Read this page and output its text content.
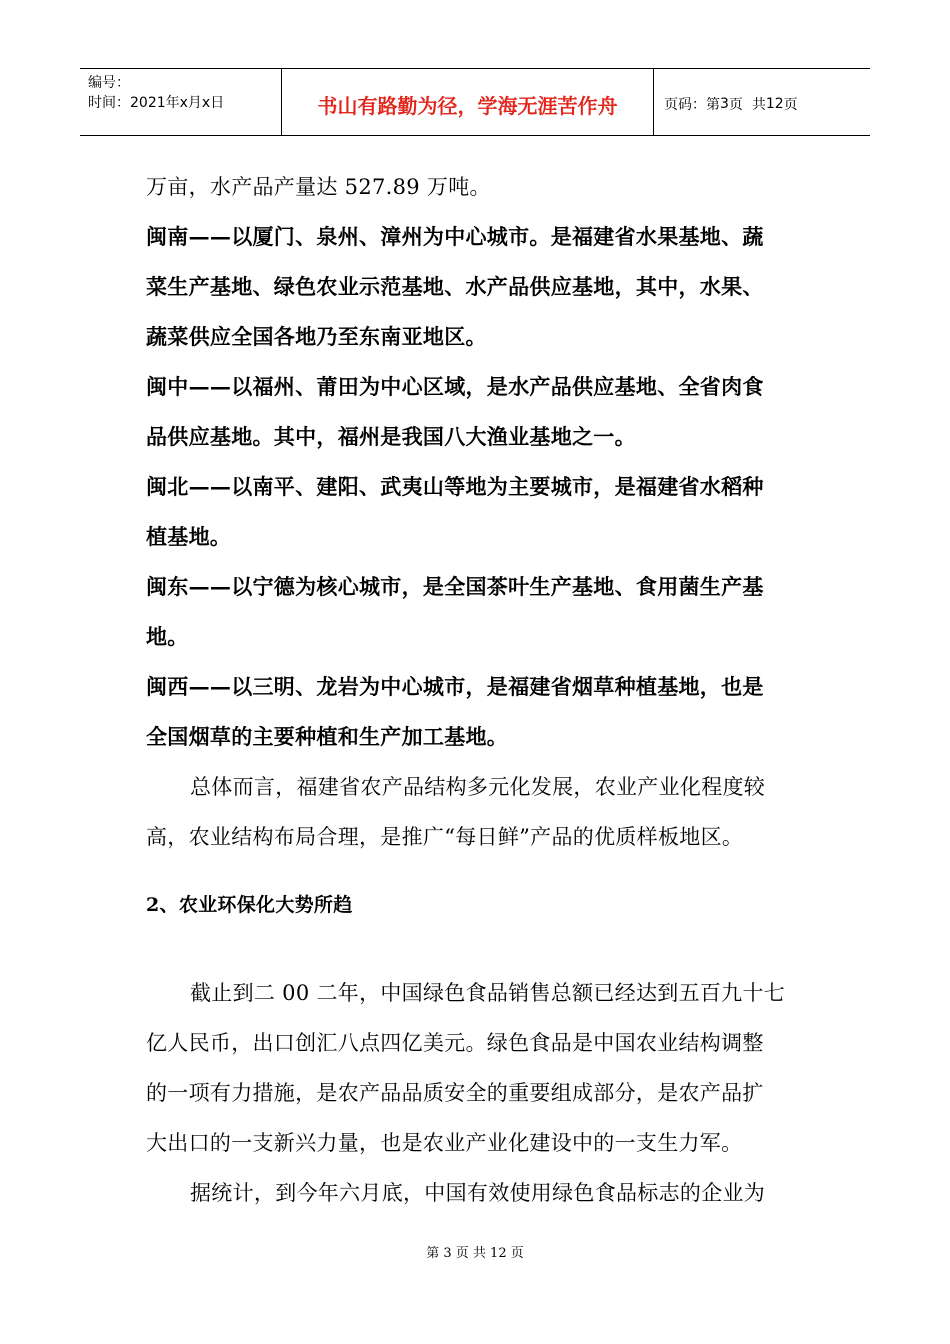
编号：
时间：2021年x月x日	书山有路勤为径，学海无涯苦作舟	页码：第 3 页  共 12 页
万亩，水产品产量达 527.89 万吨。
闽南——以厦门、泉州、漳州为中心城市。是福建省水果基地、蔬
菜生产基地、绿色农业示范基地、水产品供应基地，其中，水果、
蔬菜供应全国各地乃至东南亚地区。
闽中——以福州、莆田为中心区域，是水产品供应基地、全省肉食
品供应基地。其中，福州是我国八大渔业基地之一。
闽北——以南平、建阳、武夷山等地为主要城市，是福建省水稻种
植基地。
闽东——以宁德为核心城市，是全国茶叶生产基地、食用菌生产基
地。
闽西——以三明、龙岩为中心城市，是福建省烟草种植基地，也是
全国烟草的主要种植和生产加工基地。
总体而言，福建省农产品结构多元化发展，农业产业化程度较
高，农业结构布局合理，是推广“每日鲜”产品的优质样板地区。
2、农业环保化大势所趋
截止到二 00 二年，中国绿色食品销售总额已经达到五百九十七
亿人民币，出口创汇八点四亿美元。绿色食品是中国农业结构调整
的一项有力措施，是农产品品质安全的重要组成部分，是农产品扩
大出口的一支新兴力量，也是农业产业化建设中的一支生力军。
据统计，到今年六月底，中国有效使用绿色食品标志的企业为
第 3 页 共 12 页
